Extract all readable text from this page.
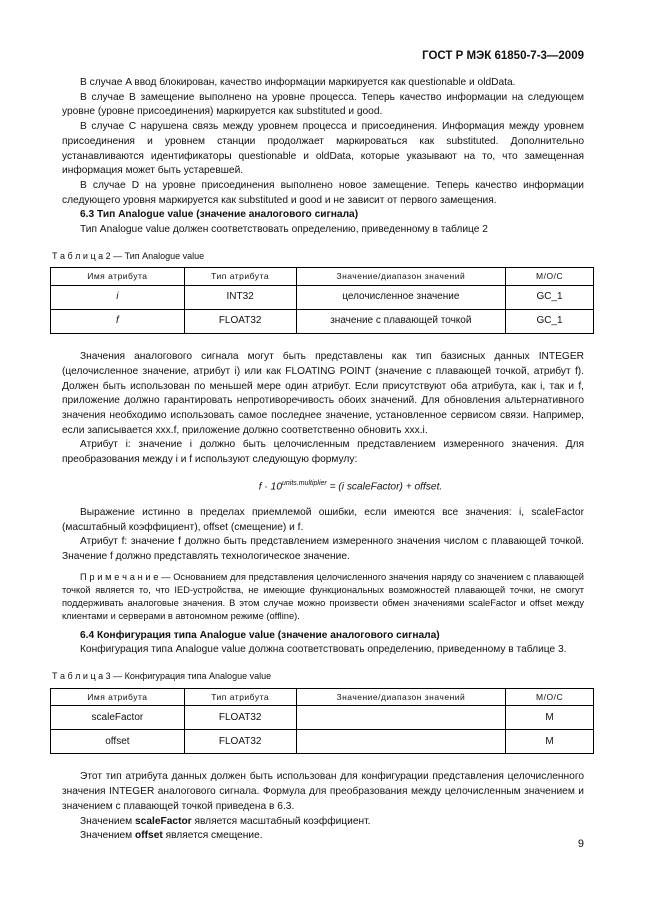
ГОСТ Р МЭК 61850-7-3—2009

В случае A ввод блокирован, качество информации маркируется как questionable и oldData.

В случае B замещение выполнено на уровне процесса. Теперь качество информации на следующем уровне (уровне присоединения) маркируется как substituted и good.

В случае C нарушена связь между уровнем процесса и присоединения. Информация между уровнем присоединения и уровнем станции продолжает маркироваться как substituted. Дополнительно устанавливаются идентификаторы questionable и oldData, которые указывают на то, что замещенная информация может быть устаревшей.

В случае D на уровне присоединения выполнено новое замещение. Теперь качество информации следующего уровня маркируется как substituted и good и не зависит от первого замещения.

6.3 Тип Analogue value (значение аналогового сигнала)

Тип Analogue value должен соответствовать определению, приведенному в таблице 2

Т а б л и ц а 2 — Тип Analogue value
Имя атрибута	Тип атрибута	Значение/диапазон значений	M/O/C
i	INT32	целочисленное значение	GC_1
f	FLOAT32	значение с плавающей точкой	GC_1

Значения аналогового сигнала могут быть представлены как тип базисных данных INTEGER (целочисленное значение, атрибут i) или как FLOATING POINT (значение с плавающей точкой, атрибут f). Должен быть использован по меньшей мере один атрибут. Если присутствуют оба атрибута, как i, так и f, приложение должно гарантировать непротиворечивость обоих значений. Для обновления альтернативного значения необходимо использовать самое последнее значение, установленное сервисом связи. Например, если записывается xxx.f, приложение должно соответственно обновить xxx.i.

Атрибут i: значение i должно быть целочисленным представлением измеренного значения. Для преобразования между i и f используют следующую формулу:

$f \cdot 10^{units.multiplier} = (i$ scaleFactor) + offset.

Выражение истинно в пределах приемлемой ошибки, если имеются все значения: i, scaleFactor (масштабный коэффициент), offset (смещение) и f.

Атрибут f: значение f должно быть представлением измеренного значения числом с плавающей точкой. Значение f должно представлять технологическое значение.

П р и м е ч а н и е — Основанием для представления целочисленного значения наряду со значением с плавающей точкой является то, что IED-устройства, не имеющие функциональных возможностей плавающей точки, не смогут поддерживать аналоговые значения. В этом случае можно произвести обмен значениями scaleFactor и offset между клиентами и серверами в автономном режиме (offline).

6.4 Конфигурация типа Analogue value (значение аналогового сигнала)

Конфигурация типа Analogue value должна соответствовать определению, приведенному в таблице 3.

Т а б л и ц а 3 — Конфигурация типа Analogue value
Имя атрибута	Тип атрибута	Значение/диапазон значений	M/O/C
scaleFactor	FLOAT32		M
offset	FLOAT32		M

Этот тип атрибута данных должен быть использован для конфигурации представления целочисленного значения INTEGER аналогового сигнала. Формула для преобразования между целочисленным значением и значением с плавающей точкой приведена в 6.3.

Значением scaleFactor является масштабный коэффициент.

Значением offset является смещение.

9
